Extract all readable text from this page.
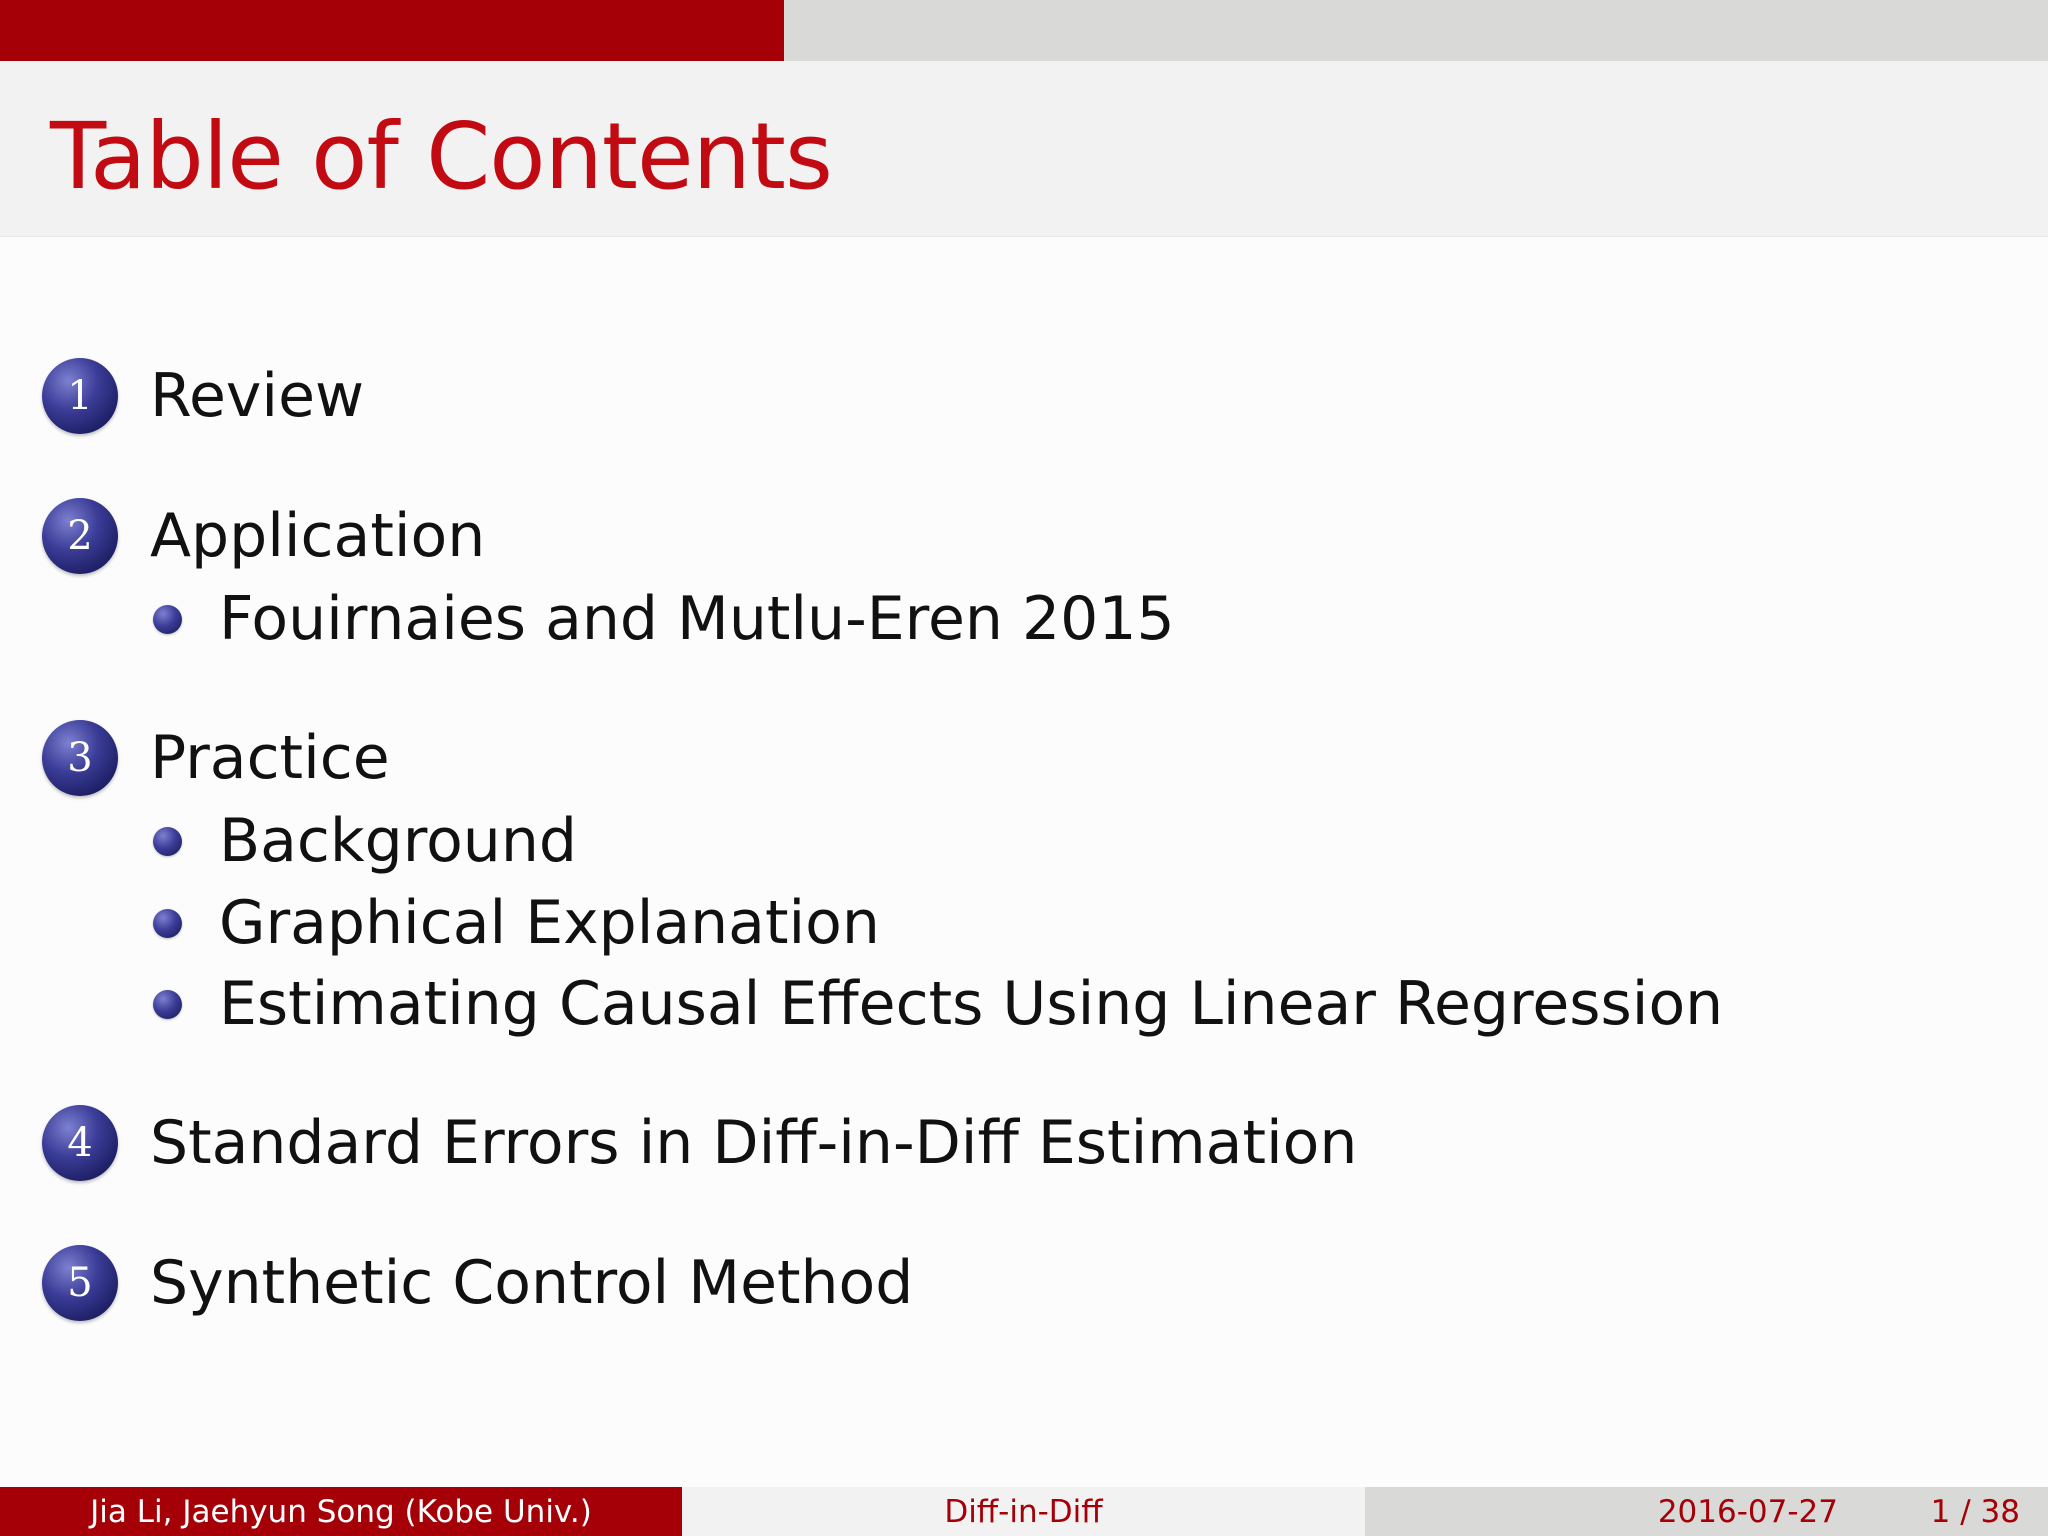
Table of Contents
1 Review
2 Application
Fouirnaies and Mutlu-Eren 2015
3 Practice
Background
Graphical Explanation
Estimating Causal Effects Using Linear Regression
4 Standard Errors in Diff-in-Diff Estimation
5 Synthetic Control Method
Jia Li, Jaehyun Song (Kobe Univ.)	Diff-in-Diff	2016-07-27	1 / 38
